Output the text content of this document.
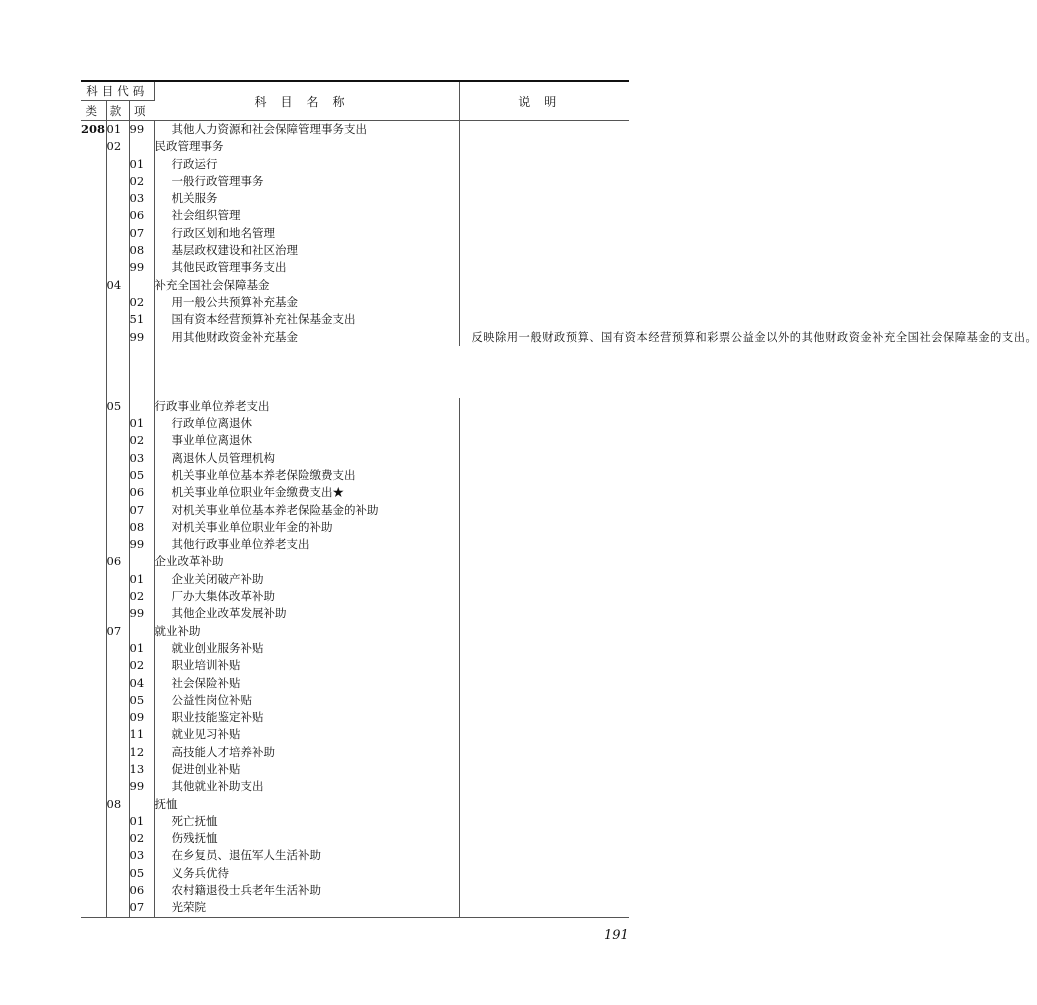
科目代码			科目名称	说明
类	款	项		
208	01	99	其他人力资源和社会保障管理事务支出	
	02		民政管理事务	
		01	行政运行	
		02	一般行政管理事务	
		03	机关服务	
		06	社会组织管理	
		07	行政区划和地名管理	
		08	基层政权建设和社区治理	
		99	其他民政管理事务支出	
	04		补充全国社会保障基金	
		02	用一般公共预算补充基金	
		51	国有资本经营预算补充社保基金支出	
		99	用其他财政资金补充基金	反映除用一般财政预算、国有资本经营预算和彩票公益金以外的其他财政资金补充全国社会保障基金的支出。

	05		行政事业单位养老支出	
		01	行政单位离退休	
		02	事业单位离退休	
		03	离退休人员管理机构	
		05	机关事业单位基本养老保险缴费支出	
		06	机关事业单位职业年金缴费支出★	
		07	对机关事业单位基本养老保险基金的补助	
		08	对机关事业单位职业年金的补助	
		99	其他行政事业单位养老支出	
	06		企业改革补助	
		01	企业关闭破产补助	
		02	厂办大集体改革补助	
		99	其他企业改革发展补助	
	07		就业补助	
		01	就业创业服务补贴	
		02	职业培训补贴	
		04	社会保险补贴	
		05	公益性岗位补贴	
		09	职业技能鉴定补贴	
		11	就业见习补贴	
		12	高技能人才培养补助	
		13	促进创业补贴	
		99	其他就业补助支出	
	08		抚恤	
		01	死亡抚恤	
		02	伤残抚恤	
		03	在乡复员、退伍军人生活补助	
		05	义务兵优待	
		06	农村籍退役士兵老年生活补助	
		07	光荣院	
191
